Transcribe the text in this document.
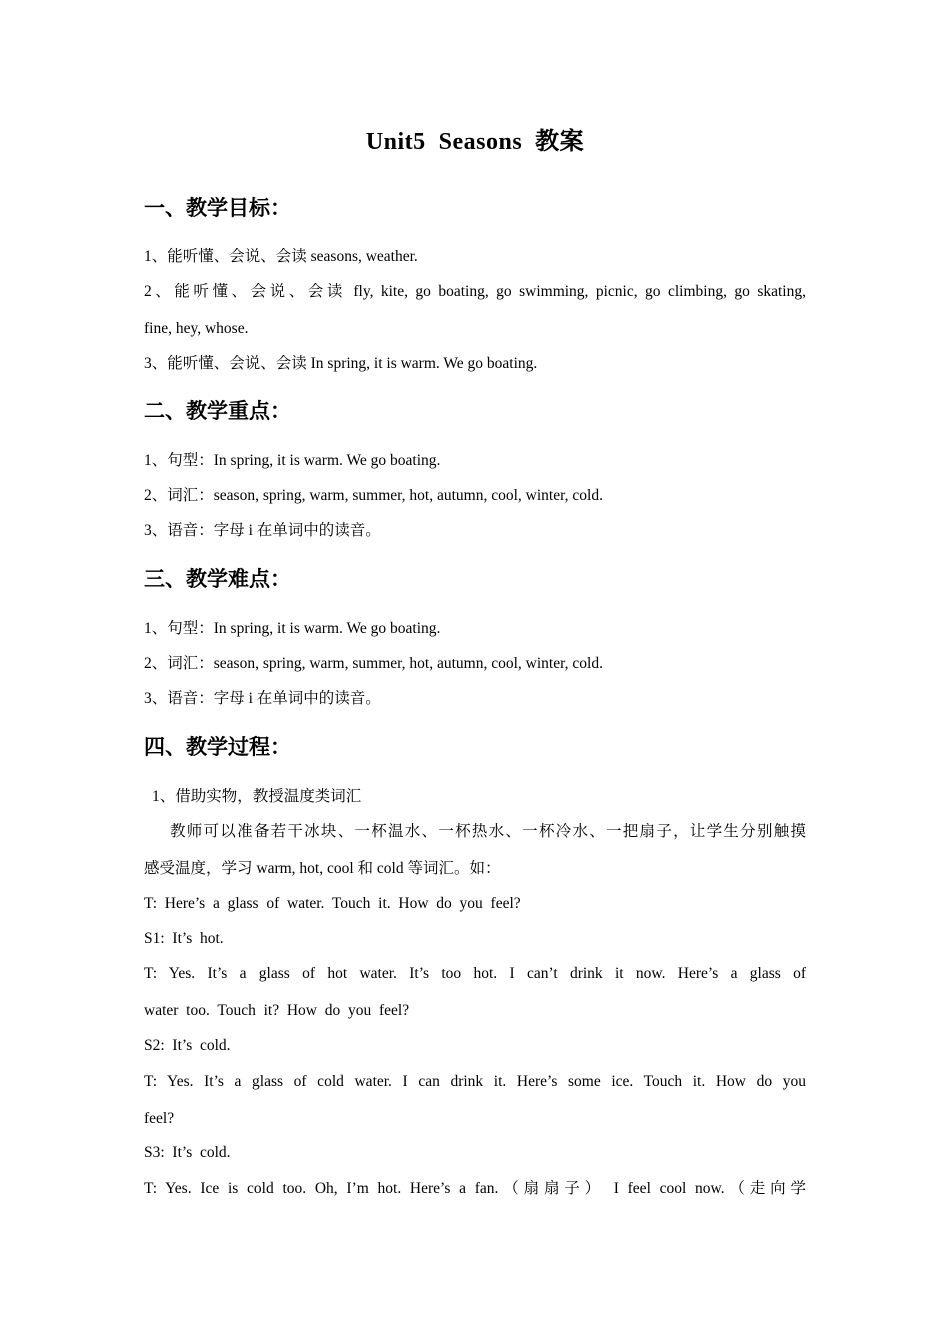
Unit5  Seasons  教案
一、教学目标：
1、能听懂、会说、会读 seasons, weather.
2、能听懂、会说、会读 fly, kite, go boating, go swimming, picnic, go climbing, go skating,
fine, hey, whose.
3、能听懂、会说、会读 In spring, it is warm. We go boating.
二、教学重点：
1、句型：In spring, it is warm. We go boating.
2、词汇：season, spring, warm, summer, hot, autumn, cool, winter, cold.
3、语音：字母 i 在单词中的读音。
三、教学难点：
1、句型：In spring, it is warm. We go boating.
2、词汇：season, spring, warm, summer, hot, autumn, cool, winter, cold.
3、语音：字母 i 在单词中的读音。
四、教学过程：
1、借助实物，教授温度类词汇
教师可以准备若干冰块、一杯温水、一杯热水、一杯冷水、一把扇子，让学生分别触摸
感受温度，学习 warm, hot, cool 和 cold 等词汇。如：
T:  Here’s  a  glass  of  water.  Touch  it.  How  do  you  feel?
S1:  It’s  hot.
T: Yes. It’s a glass of hot water. It’s too hot. I can’t drink it now. Here’s a glass of
water  too.  Touch  it?  How  do  you  feel?
S2:  It’s  cold.
T: Yes. It’s a glass of cold water. I can drink it. Here’s some ice. Touch it. How do you
feel?
S3:  It’s  cold.
T: Yes. Ice is cold too. Oh, I’m hot. Here’s a fan.（扇扇子） I feel cool now.（走向学
